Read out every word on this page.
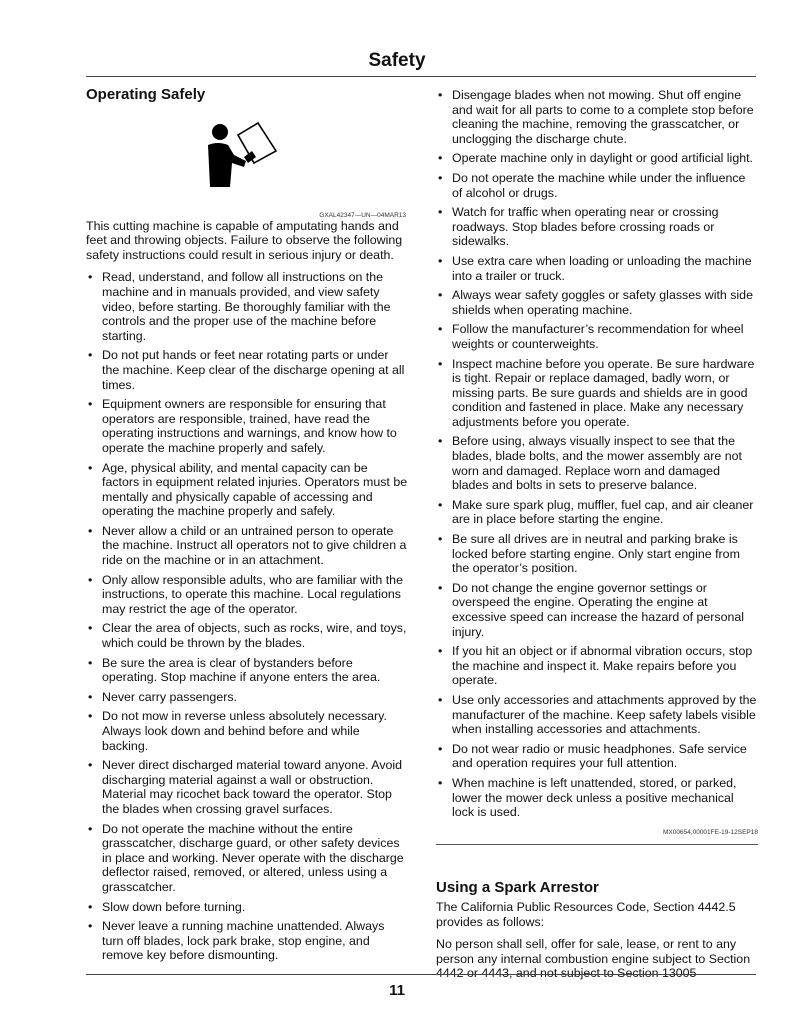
Safety
Operating Safely
GXAL42347—UN—04MAR13
This cutting machine is capable of amputating hands and feet and throwing objects. Failure to observe the following safety instructions could result in serious injury or death.
• Read, understand, and follow all instructions on the machine and in manuals provided, and view safety video, before starting. Be thoroughly familiar with the controls and the proper use of the machine before starting.
• Do not put hands or feet near rotating parts or under the machine. Keep clear of the discharge opening at all times.
• Equipment owners are responsible for ensuring that operators are responsible, trained, have read the operating instructions and warnings, and know how to operate the machine properly and safely.
• Age, physical ability, and mental capacity can be factors in equipment related injuries. Operators must be mentally and physically capable of accessing and operating the machine properly and safely.
• Never allow a child or an untrained person to operate the machine. Instruct all operators not to give children a ride on the machine or in an attachment.
• Only allow responsible adults, who are familiar with the instructions, to operate this machine. Local regulations may restrict the age of the operator.
• Clear the area of objects, such as rocks, wire, and toys, which could be thrown by the blades.
• Be sure the area is clear of bystanders before operating. Stop machine if anyone enters the area.
• Never carry passengers.
• Do not mow in reverse unless absolutely necessary. Always look down and behind before and while backing.
• Never direct discharged material toward anyone. Avoid discharging material against a wall or obstruction. Material may ricochet back toward the operator. Stop the blades when crossing gravel surfaces.
• Do not operate the machine without the entire grasscatcher, discharge guard, or other safety devices in place and working. Never operate with the discharge deflector raised, removed, or altered, unless using a grasscatcher.
• Slow down before turning.
• Never leave a running machine unattended. Always turn off blades, lock park brake, stop engine, and remove key before dismounting.
• Disengage blades when not mowing. Shut off engine and wait for all parts to come to a complete stop before cleaning the machine, removing the grasscatcher, or unclogging the discharge chute.
• Operate machine only in daylight or good artificial light.
• Do not operate the machine while under the influence of alcohol or drugs.
• Watch for traffic when operating near or crossing roadways. Stop blades before crossing roads or sidewalks.
• Use extra care when loading or unloading the machine into a trailer or truck.
• Always wear safety goggles or safety glasses with side shields when operating machine.
• Follow the manufacturer’s recommendation for wheel weights or counterweights.
• Inspect machine before you operate. Be sure hardware is tight. Repair or replace damaged, badly worn, or missing parts. Be sure guards and shields are in good condition and fastened in place. Make any necessary adjustments before you operate.
• Before using, always visually inspect to see that the blades, blade bolts, and the mower assembly are not worn and damaged. Replace worn and damaged blades and bolts in sets to preserve balance.
• Make sure spark plug, muffler, fuel cap, and air cleaner are in place before starting the engine.
• Be sure all drives are in neutral and parking brake is locked before starting engine. Only start engine from the operator’s position.
• Do not change the engine governor settings or overspeed the engine. Operating the engine at excessive speed can increase the hazard of personal injury.
• If you hit an object or if abnormal vibration occurs, stop the machine and inspect it. Make repairs before you operate.
• Use only accessories and attachments approved by the manufacturer of the machine. Keep safety labels visible when installing accessories and attachments.
• Do not wear radio or music headphones. Safe service and operation requires your full attention.
• When machine is left unattended, stored, or parked, lower the mower deck unless a positive mechanical lock is used.
MX00654,00001FE-19-12SEP18
Using a Spark Arrestor
The California Public Resources Code, Section 4442.5 provides as follows:
No person shall sell, offer for sale, lease, or rent to any person any internal combustion engine subject to Section 4442 or 4443, and not subject to Section 13005
11
